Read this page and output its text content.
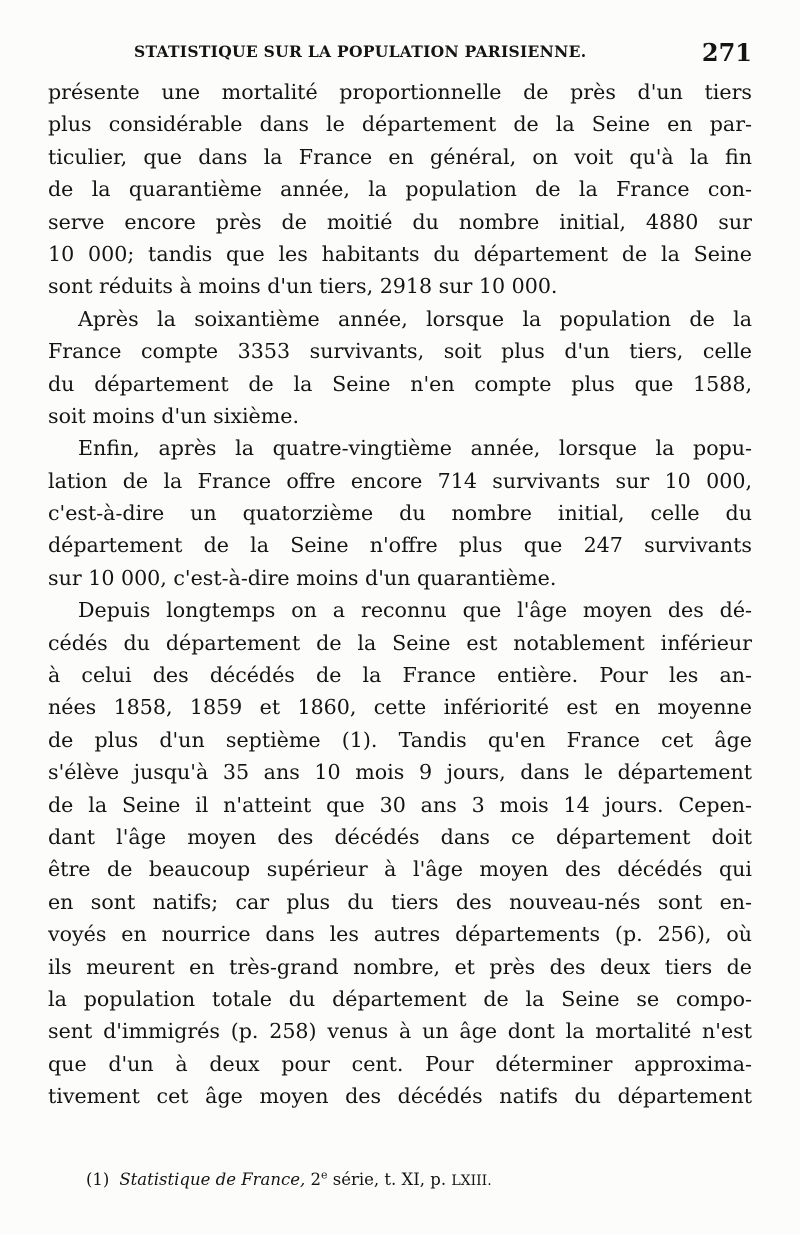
STATISTIQUE SUR LA POPULATION PARISIENNE.	271
présente une mortalité proportionnelle de près d'un tiers
plus considérable dans le département de la Seine en par-
ticulier, que dans la France en général, on voit qu'à la fin
de la quarantième année, la population de la France con-
serve encore près de moitié du nombre initial, 4880 sur
10 000; tandis que les habitants du département de la Seine
sont réduits à moins d'un tiers, 2918 sur 10 000.
Après la soixantième année, lorsque la population de la
France compte 3353 survivants, soit plus d'un tiers, celle
du département de la Seine n'en compte plus que 1588,
soit moins d'un sixième.
Enfin, après la quatre-vingtième année, lorsque la popu-
lation de la France offre encore 714 survivants sur 10 000,
c'est-à-dire un quatorzième du nombre initial, celle du
département de la Seine n'offre plus que 247 survivants
sur 10 000, c'est-à-dire moins d'un quarantième.
Depuis longtemps on a reconnu que l'âge moyen des dé-
cédés du département de la Seine est notablement inférieur
à celui des décédés de la France entière. Pour les an-
nées 1858, 1859 et 1860, cette infériorité est en moyenne
de plus d'un septième (1). Tandis qu'en France cet âge
s'élève jusqu'à 35 ans 10 mois 9 jours, dans le département
de la Seine il n'atteint que 30 ans 3 mois 14 jours. Cepen-
dant l'âge moyen des décédés dans ce département doit
être de beaucoup supérieur à l'âge moyen des décédés qui
en sont natifs; car plus du tiers des nouveau-nés sont en-
voyés en nourrice dans les autres départements (p. 256), où
ils meurent en très-grand nombre, et près des deux tiers de
la population totale du département de la Seine se compo-
sent d'immigrés (p. 258) venus à un âge dont la mortalité n'est
que d'un à deux pour cent. Pour déterminer approxima-
tivement cet âge moyen des décédés natifs du département
(1) Statistique de France, 2e série, t. XI, p. LXIII.
